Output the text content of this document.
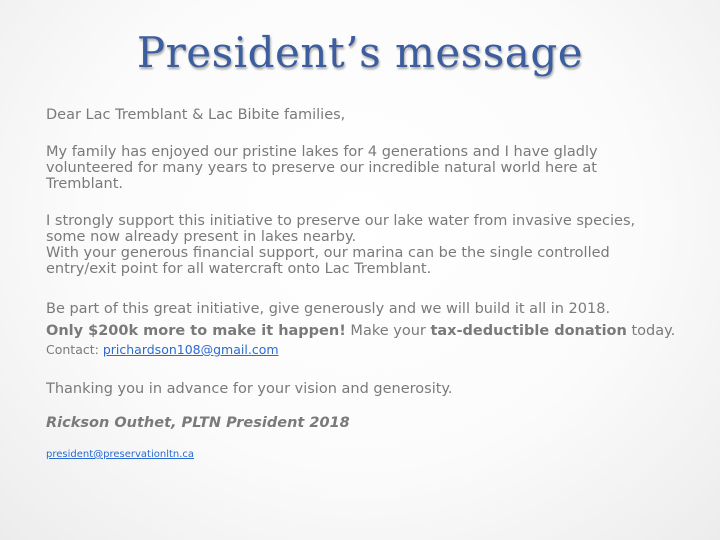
President’s message

Dear Lac Tremblant & Lac Bibite families,

My family has enjoyed our pristine lakes for 4 generations and I have gladly
volunteered for many years to preserve our incredible natural world here at
Tremblant.

I strongly support this initiative to preserve our lake water from invasive species,
some now already present in lakes nearby.

With your generous financial support, our marina can be the single controlled
entry/exit point for all watercraft onto Lac Tremblant.

Be part of this great initiative, give generously and we will build it all in 2018.
Only $200k more to make it happen! Make your tax-deductible donation today.

Contact: prichardson108@gmail.com

Thanking you in advance for your vision and generosity.

Rickson Outhet, PLTN President 2018

president@preservationltn.ca
